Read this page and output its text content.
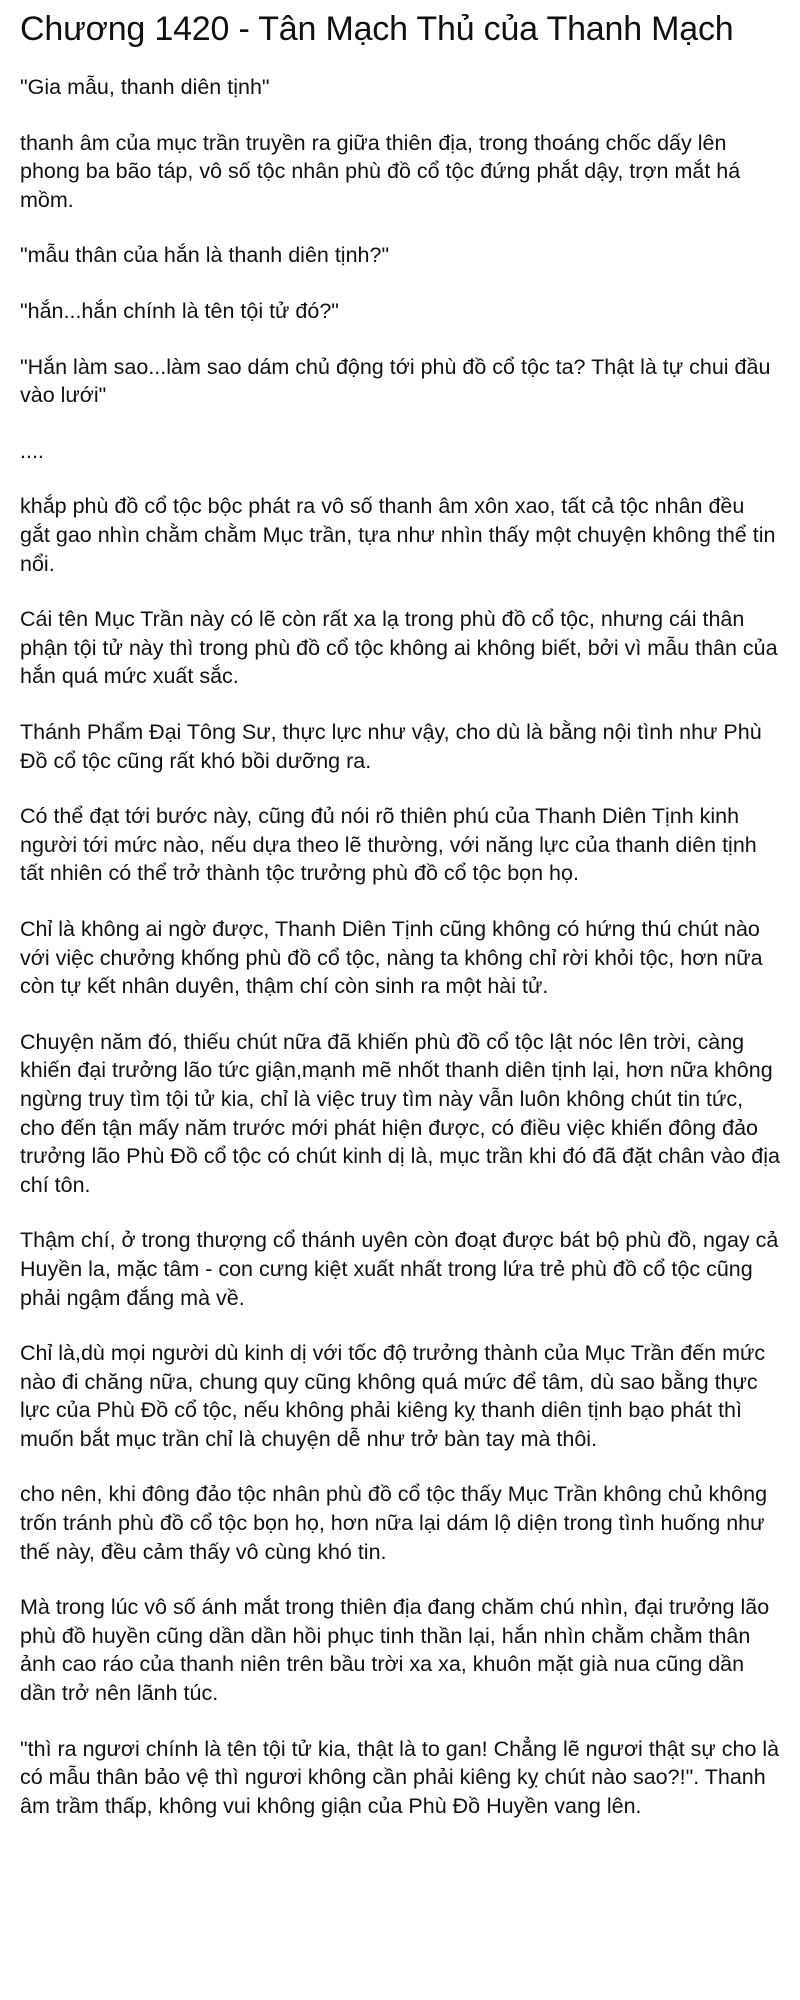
Chương 1420 - Tân Mạch Thủ của Thanh Mạch

"Gia mẫu, thanh diên tịnh"

thanh âm của mục trần truyền ra giữa thiên địa, trong thoáng chốc dấy lên phong ba bão táp, vô số tộc nhân phù đồ cổ tộc đứng phắt dậy, trợn mắt há mồm.

"mẫu thân của hắn là thanh diên tịnh?"

"hắn...hắn chính là tên tội tử đó?"

"Hắn làm sao...làm sao dám chủ động tới phù đồ cổ tộc ta? Thật là tự chui đầu vào lưới"

....

khắp phù đồ cổ tộc bộc phát ra vô số thanh âm xôn xao, tất cả tộc nhân đều gắt gao nhìn chằm chằm Mục trần, tựa như nhìn thấy một chuyện không thể tin nổi.

Cái tên Mục Trần này có lẽ còn rất xa lạ trong phù đồ cổ tộc, nhưng cái thân phận tội tử này thì trong phù đồ cổ tộc không ai không biết, bởi vì mẫu thân của hắn quá mức xuất sắc.

Thánh Phẩm Đại Tông Sư, thực lực như vậy, cho dù là bằng nội tình như Phù Đồ cổ tộc cũng rất khó bồi dưỡng ra.

Có thể đạt tới bước này, cũng đủ nói rõ thiên phú của Thanh Diên Tịnh kinh người tới mức nào, nếu dựa theo lẽ thường, với năng lực của thanh diên tịnh tất nhiên có thể trở thành tộc trưởng phù đồ cổ tộc bọn họ.

Chỉ là không ai ngờ được, Thanh Diên Tịnh cũng không có hứng thú chút nào với việc chưởng khống phù đồ cổ tộc, nàng ta không chỉ rời khỏi tộc, hơn nữa còn tự kết nhân duyên, thậm chí còn sinh ra một hài tử.

Chuyện năm đó, thiếu chút nữa đã khiến phù đồ cổ tộc lật nóc lên trời, càng khiến đại trưởng lão tức giận,mạnh mẽ nhốt thanh diên tịnh lại, hơn nữa không ngừng truy tìm tội tử kia, chỉ là việc truy tìm này vẫn luôn không chút tin tức, cho đến tận mấy năm trước mới phát hiện được, có điều việc khiến đông đảo trưởng lão Phù Đồ cổ tộc có chút kinh dị là, mục trần khi đó đã đặt chân vào địa chí tôn.

Thậm chí, ở trong thượng cổ thánh uyên còn đoạt được bát bộ phù đồ, ngay cả Huyền la, mặc tâm - con cưng kiệt xuất nhất trong lứa trẻ phù đồ cổ tộc cũng phải ngậm đắng mà về.

Chỉ là,dù mọi người dù kinh dị với tốc độ trưởng thành của Mục Trần đến mức nào đi chăng nữa, chung quy cũng không quá mức để tâm, dù sao bằng thực lực của Phù Đồ cổ tộc, nếu không phải kiêng kỵ thanh diên tịnh bạo phát thì muốn bắt mục trần chỉ là chuyện dễ như trở bàn tay mà thôi.

cho nên, khi đông đảo tộc nhân phù đồ cổ tộc thấy Mục Trần không chủ không trốn tránh phù đồ cổ tộc bọn họ, hơn nữa lại dám lộ diện trong tình huống như thế này, đều cảm thấy vô cùng khó tin.

Mà trong lúc vô số ánh mắt trong thiên địa đang chăm chú nhìn, đại trưởng lão phù đồ huyền cũng dần dần hồi phục tinh thần lại, hắn nhìn chằm chằm thân ảnh cao ráo của thanh niên trên bầu trời xa xa, khuôn mặt già nua cũng dần dần trở nên lãnh túc.

"thì ra ngươi chính là tên tội tử kia, thật là to gan! Chẳng lẽ ngươi thật sự cho là có mẫu thân bảo vệ thì ngươi không cần phải kiêng kỵ chút nào sao?!". Thanh âm trầm thấp, không vui không giận của Phù Đồ Huyền vang lên.
